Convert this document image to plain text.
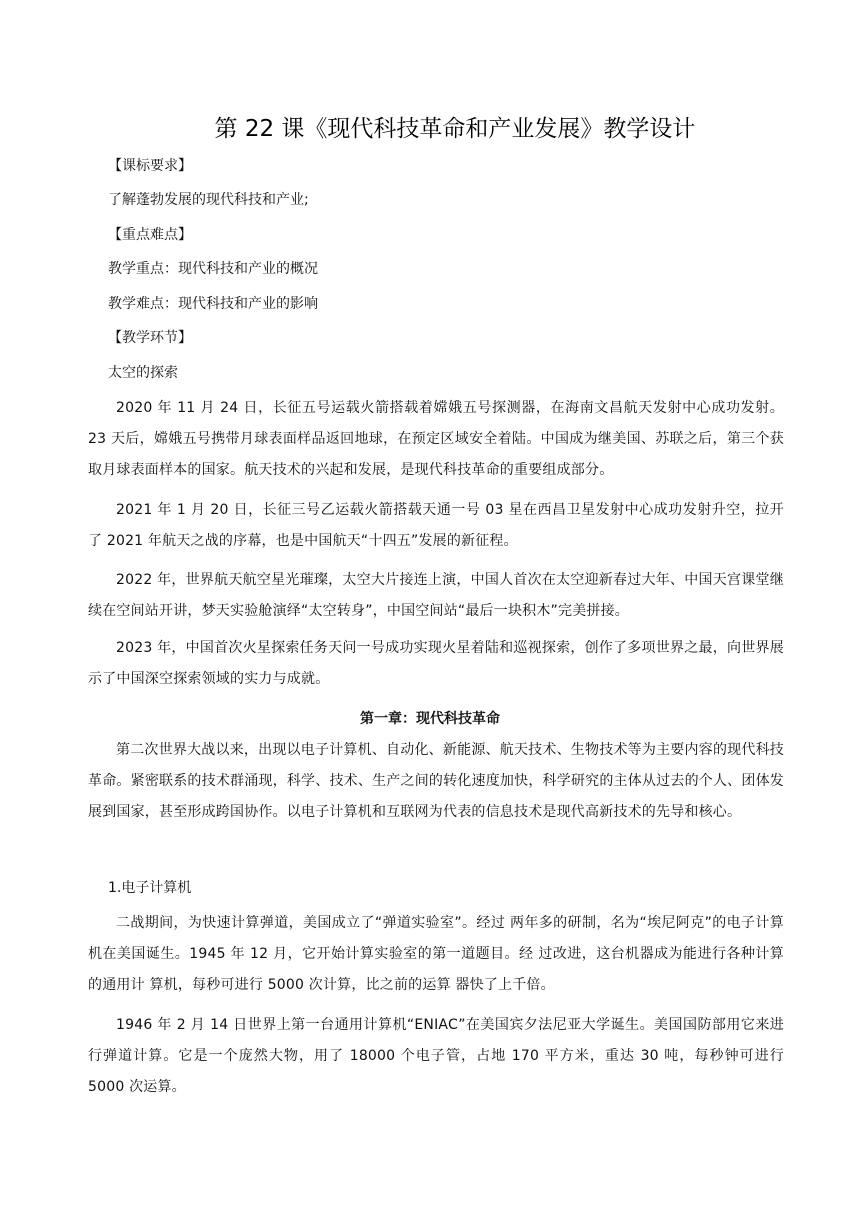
第 22 课《现代科技革命和产业发展》教学设计
【课标要求】
了解蓬勃发展的现代科技和产业;
【重点难点】
教学重点：现代科技和产业的概况
教学难点：现代科技和产业的影响
【教学环节】
太空的探索
2020 年 11 月 24 日，长征五号运载火箭搭载着嫦娥五号探测器，在海南文昌航天发射中心成功发射。23 天后，嫦娥五号携带月球表面样品返回地球，在预定区域安全着陆。中国成为继美国、苏联之后，第三个获取月球表面样本的国家。航天技术的兴起和发展，是现代科技革命的重要组成部分。
2021 年 1 月 20 日，长征三号乙运载火箭搭载天通一号 03 星在西昌卫星发射中心成功发射升空，拉开了 2021 年航天之战的序幕，也是中国航天“十四五”发展的新征程。
2022 年，世界航天航空星光璀璨，太空大片接连上演，中国人首次在太空迎新春过大年、中国天宫课堂继续在空间站开讲，梦天实验舱演绎“太空转身”，中国空间站“最后一块积木”完美拼接。
2023 年，中国首次火星探索任务天问一号成功实现火星着陆和巡视探索，创作了多项世界之最，向世界展示了中国深空探索领域的实力与成就。
第一章：现代科技革命
第二次世界大战以来，出现以电子计算机、自动化、新能源、航天技术、生物技术等为主要内容的现代科技革命。紧密联系的技术群涌现，科学、技术、生产之间的转化速度加快，科学研究的主体从过去的个人、团体发展到国家，甚至形成跨国协作。以电子计算机和互联网为代表的信息技术是现代高新技术的先导和核心。
1.电子计算机
二战期间，为快速计算弹道，美国成立了“弹道实验室”。经过 两年多的研制，名为“埃尼阿克”的电子计算机在美国诞生。1945 年 12 月，它开始计算实验室的第一道题目。经 过改进，这台机器成为能进行各种计算的通用计 算机，每秒可进行 5000 次计算，比之前的运算 器快了上千倍。
1946 年 2 月 14 日世界上第一台通用计算机“ENIAC”在美国宾夕法尼亚大学诞生。美国国防部用它来进行弹道计算。它是一个庞然大物，用了 18000 个电子管，占地 170 平方米，重达 30 吨，每秒钟可进行 5000 次运算。
